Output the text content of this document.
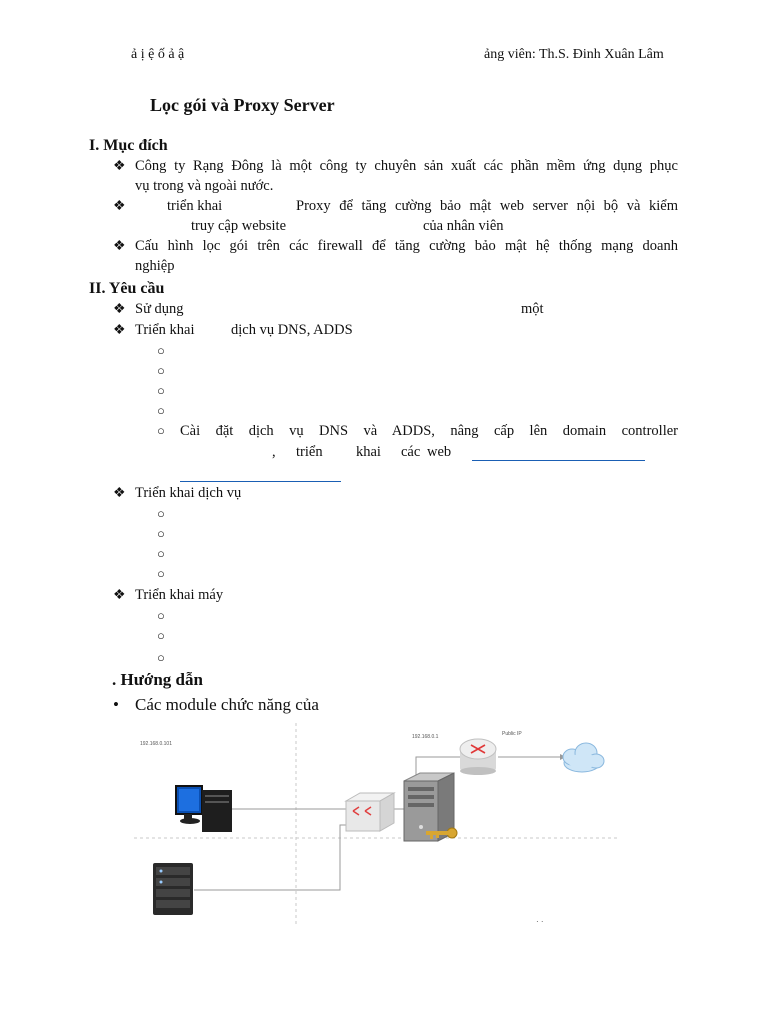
ả ị ệ ố ả ậ	ảng viên: Th.S. Đinh Xuân Lâm
Lọc gói và Proxy Server
I. Mục đích
❖ Công ty Rạng Đông là một công ty chuyên sản xuất các phần mềm ứng dụng phục
vụ trong và ngoài nước.
❖	triển khai	Proxy để tăng cường bảo mật web server nội bộ và kiểm
truy cập website	của nhân viên
❖ Cấu hình lọc gói trên các firewall để tăng cường bảo mật hệ thống mạng doanh
nghiệp
II. Yêu cầu
❖ Sử dụng	một
❖ Triển khai	dịch vụ DNS, ADDS
○
○
○
○
○ Cài đặt dịch vụ DNS và ADDS, nâng cấp lên domain controller
, triển khai các web
❖ Triển khai dịch vụ
○
○
○
○
❖ Triển khai máy
○
○
○
. Hướng dẫn
• Các module chức năng của
192.168.0.101
192.168.0.1	Public IP
· ·
